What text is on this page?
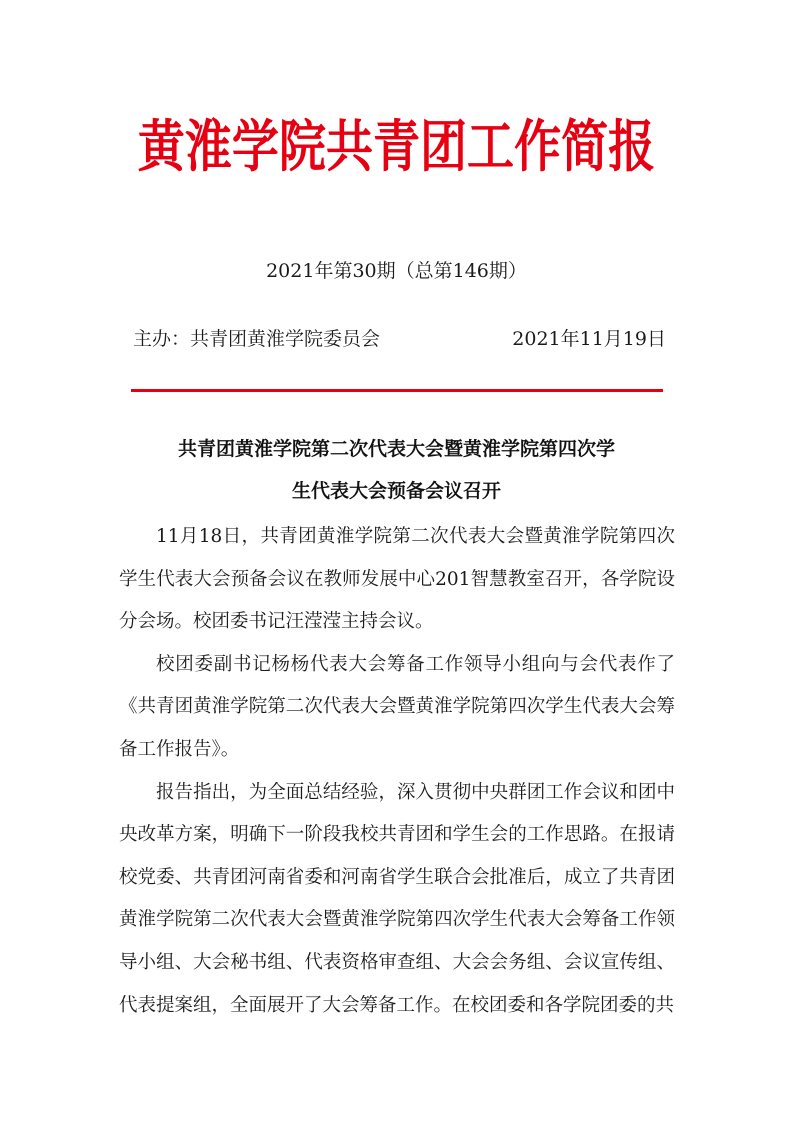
黄淮学院共青团工作简报
2021年第30期（总第146期）
主办：共青团黄淮学院委员会	2021年11月19日
共青团黄淮学院第二次代表大会暨黄淮学院第四次学
生代表大会预备会议召开

11月18日，共青团黄淮学院第二次代表大会暨黄淮学院第四次学生代表大会预备会议在教师发展中心201智慧教室召开，各学院设分会场。校团委书记汪滢滢主持会议。

校团委副书记杨杨代表大会筹备工作领导小组向与会代表作了《共青团黄淮学院第二次代表大会暨黄淮学院第四次学生代表大会筹备工作报告》。

报告指出，为全面总结经验，深入贯彻中央群团工作会议和团中央改革方案，明确下一阶段我校共青团和学生会的工作思路。在报请校党委、共青团河南省委和河南省学生联合会批准后，成立了共青团黄淮学院第二次代表大会暨黄淮学院第四次学生代表大会筹备工作领导小组、大会秘书组、代表资格审查组、大会会务组、会议宣传组、代表提案组，全面展开了大会筹备工作。在校团委和各学院团委的共
